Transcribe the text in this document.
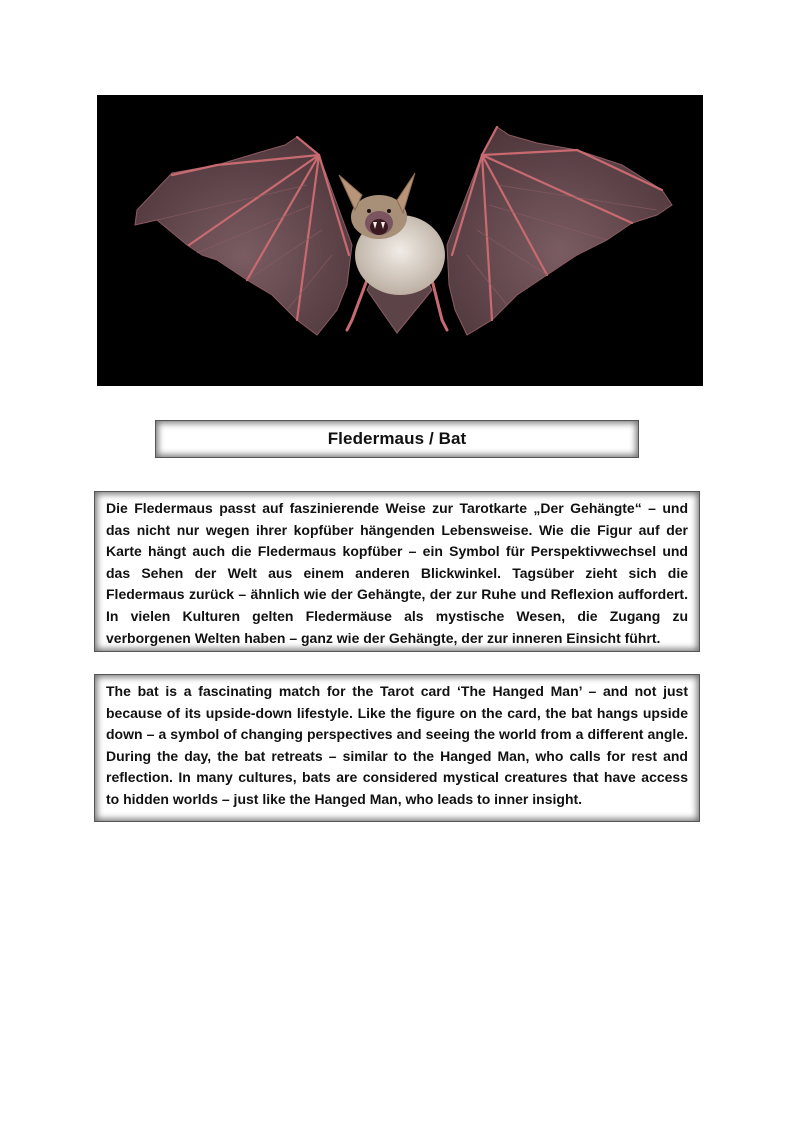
Fledermaus / Bat

Die Fledermaus passt auf faszinierende Weise zur Tarotkarte „Der Gehängte“ – und das nicht nur wegen ihrer kopfüber hängenden Lebensweise. Wie die Figur auf der Karte hängt auch die Fledermaus kopfüber – ein Symbol für Perspektivwechsel und das Sehen der Welt aus einem anderen Blickwinkel. Tagsüber zieht sich die Fledermaus zurück – ähnlich wie der Gehängte, der zur Ruhe und Reflexion auffordert. In vielen Kulturen gelten Fledermäuse als mystische Wesen, die Zugang zu verborgenen Welten haben – ganz wie der Gehängte, der zur inneren Einsicht führt.

The bat is a fascinating match for the Tarot card ‘The Hanged Man’ – and not just because of its upside-down lifestyle. Like the figure on the card, the bat hangs upside down – a symbol of changing perspectives and seeing the world from a different angle. During the day, the bat retreats – similar to the Hanged Man, who calls for rest and reflection. In many cultures, bats are considered mystical creatures that have access to hidden worlds – just like the Hanged Man, who leads to inner insight.
